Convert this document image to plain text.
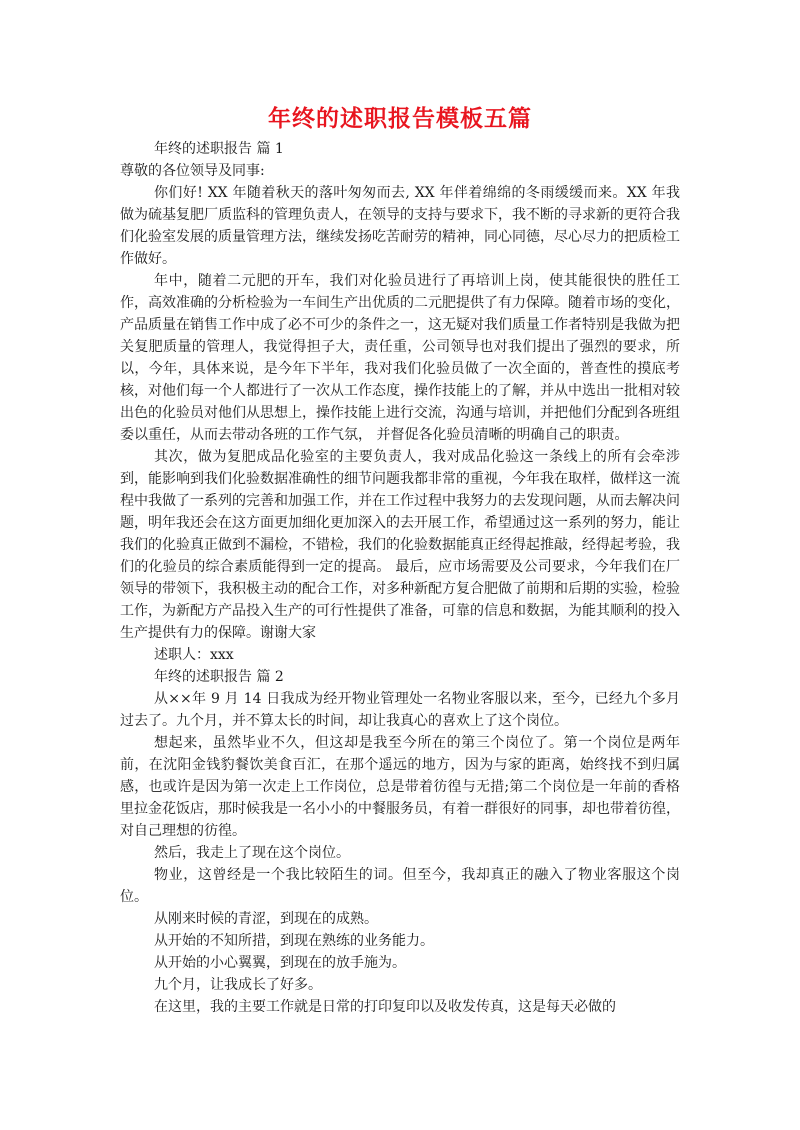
年终的述职报告模板五篇

年终的述职报告 篇 1

尊敬的各位领导及同事:

你们好! XX 年随着秋天的落叶匆匆而去, XX 年伴着绵绵的冬雨缓缓而来。XX 年我做为硫基复肥厂质监科的管理负责人，在领导的支持与要求下，我不断的寻求新的更符合我们化验室发展的质量管理方法，继续发扬吃苦耐劳的精神，同心同德，尽心尽力的把质检工作做好。

年中，随着二元肥的开车，我们对化验员进行了再培训上岗，使其能很快的胜任工作，高效准确的分析检验为一车间生产出优质的二元肥提供了有力保障。随着市场的变化，产品质量在销售工作中成了必不可少的条件之一，这无疑对我们质量工作者特别是我做为把关复肥质量的管理人，我觉得担子大，责任重，公司领导也对我们提出了强烈的要求，所以，今年，具体来说，是今年下半年，我对我们化验员做了一次全面的，普查性的摸底考核，对他们每一个人都进行了一次从工作态度，操作技能上的了解，并从中选出一批相对较出色的化验员对他们从思想上，操作技能上进行交流，沟通与培训，并把他们分配到各班组委以重任，从而去带动各班的工作气氛， 并督促各化验员清晰的明确自己的职责。

其次，做为复肥成品化验室的主要负责人，我对成品化验这一条线上的所有会牵涉到，能影响到我们化验数据准确性的细节问题我都非常的重视，今年我在取样，做样这一流程中我做了一系列的完善和加强工作，并在工作过程中我努力的去发现问题，从而去解决问题，明年我还会在这方面更加细化更加深入的去开展工作，希望通过这一系列的努力，能让我们的化验真正做到不漏检，不错检，我们的化验数据能真正经得起推敲，经得起考验，我们的化验员的综合素质能得到一定的提高。 最后，应市场需要及公司要求，今年我们在厂领导的带领下，我积极主动的配合工作，对多种新配方复合肥做了前期和后期的实验，检验工作，为新配方产品投入生产的可行性提供了准备，可靠的信息和数据，为能其顺利的投入生产提供有力的保障。谢谢大家

述职人：xxx

年终的述职报告 篇 2

从××年 9 月 14 日我成为经开物业管理处一名物业客服以来，至今，已经九个多月过去了。九个月，并不算太长的时间，却让我真心的喜欢上了这个岗位。

想起来，虽然毕业不久，但这却是我至今所在的第三个岗位了。第一个岗位是两年前，在沈阳金钱豹餐饮美食百汇，在那个遥远的地方，因为与家的距离，始终找不到归属感，也或许是因为第一次走上工作岗位，总是带着彷徨与无措;第二个岗位是一年前的香格里拉金花饭店，那时候我是一名小小的中餐服务员，有着一群很好的同事，却也带着彷徨，对自己理想的彷徨。

然后，我走上了现在这个岗位。

物业，这曾经是一个我比较陌生的词。但至今，我却真正的融入了物业客服这个岗位。

从刚来时候的青涩，到现在的成熟。

从开始的不知所措，到现在熟练的业务能力。

从开始的小心翼翼，到现在的放手施为。

九个月，让我成长了好多。

在这里，我的主要工作就是日常的打印复印以及收发传真，这是每天必做的
